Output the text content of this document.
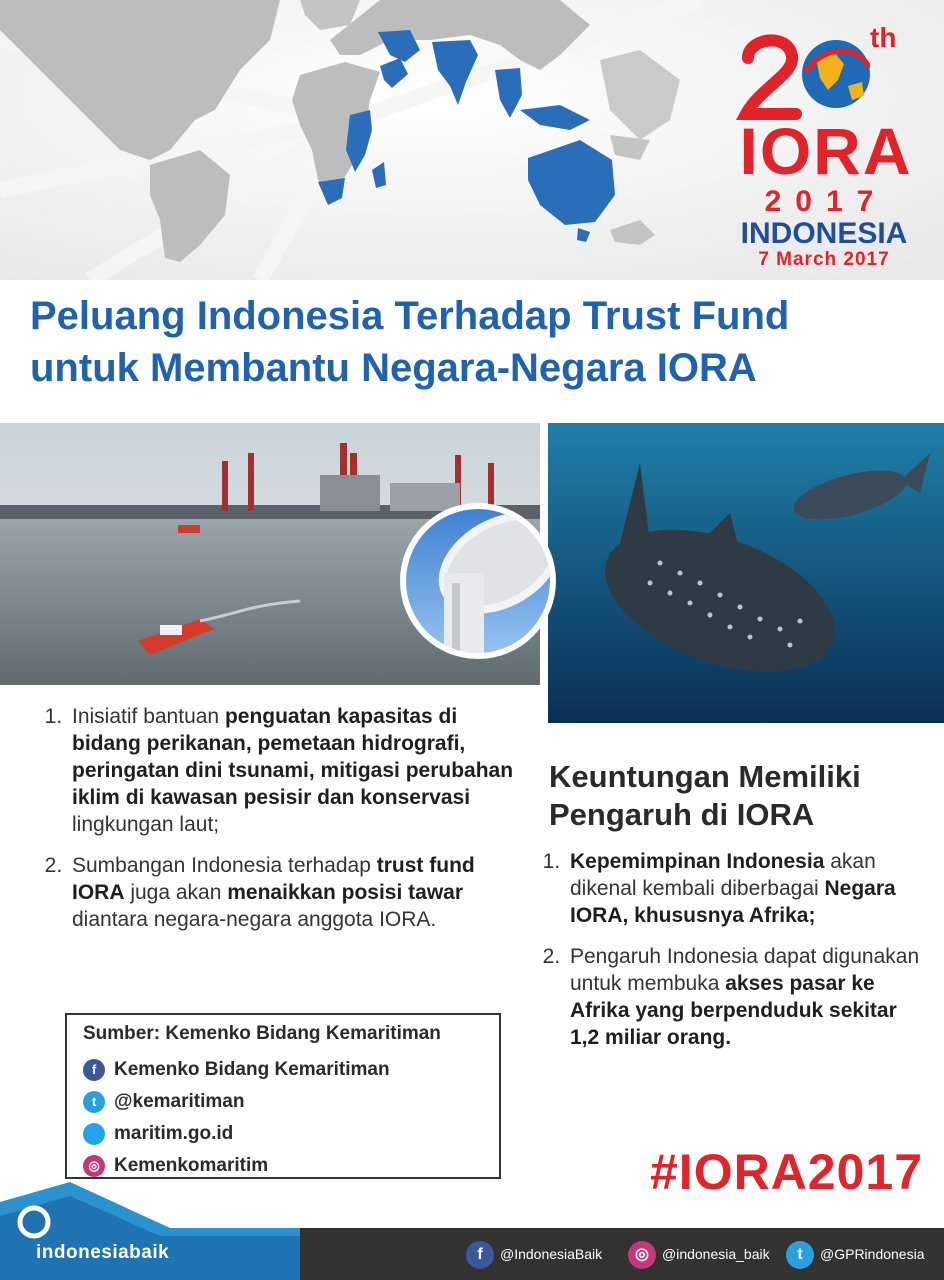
th
IORA
2017
INDONESIA
7 March 2017
Peluang Indonesia Terhadap Trust Fund
untuk Membantu Negara-Negara IORA
1. Inisiatif bantuan penguatan kapasitas di bidang perikanan, pemetaan hidrografi, peringatan dini tsunami, mitigasi perubahan iklim di kawasan pesisir dan konservasi lingkungan laut;
2. Sumbangan Indonesia terhadap trust fund IORA juga akan menaikkan posisi tawar diantara negara-negara anggota IORA.
Keuntungan Memiliki
Pengaruh di IORA
1. Kepemimpinan Indonesia akan dikenal kembali diberbagai Negara IORA, khususnya Afrika;
2. Pengaruh Indonesia dapat digunakan untuk membuka akses pasar ke Afrika yang berpenduduk sekitar 1,2 miliar orang.
Sumber: Kemenko Bidang Kemaritiman
f Kemenko Bidang Kemaritiman
t @kemaritiman
maritim.go.id
◎ Kemenkomaritim	#IORA2017
f @IndonesiaBaik	◎ @indonesia_baik	t @GPRindonesia
indonesiabaik
